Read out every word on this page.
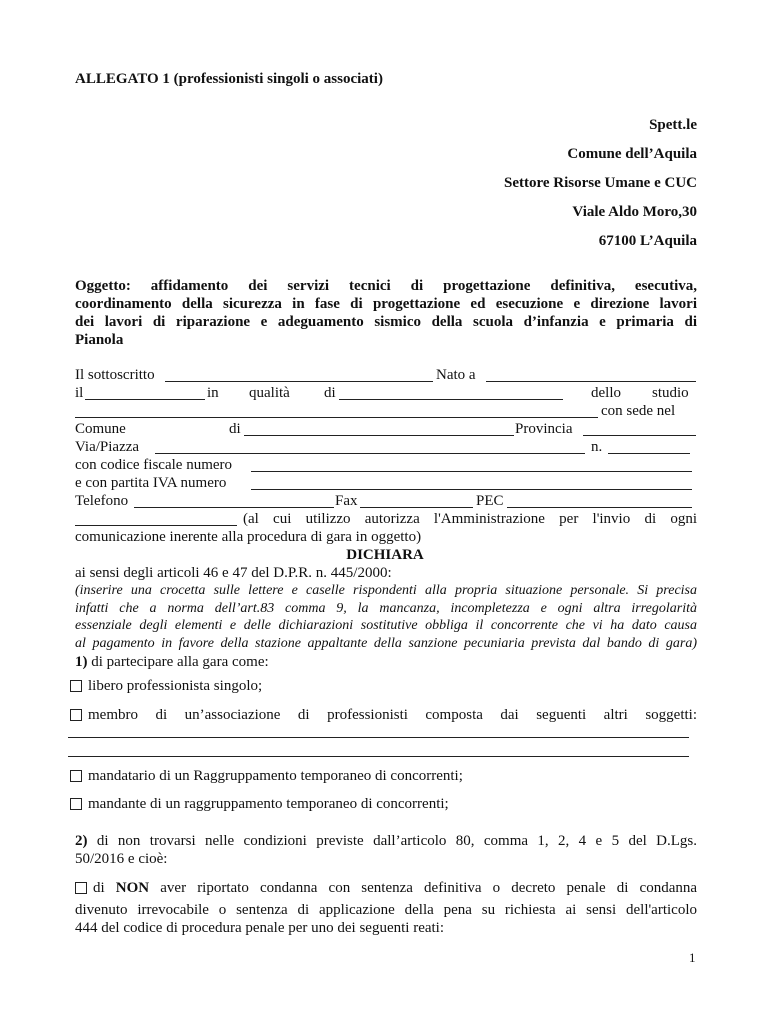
ALLEGATO 1 (professionisti singoli o associati)
Spett.le
Comune dell’Aquila
Settore Risorse Umane e CUC
Viale Aldo Moro,30
67100 L’Aquila
Oggetto: affidamento dei servizi tecnici di progettazione definitiva, esecutiva,
coordinamento della sicurezza in fase di progettazione ed esecuzione e direzione lavori
dei lavori di riparazione e adeguamento sismico della scuola d’infanzia e primaria di
Pianola
Il sottoscritto	Nato a
il	in qualità di	dello studio
con sede nel
Comune	di	Provincia
Via/Piazza	n.
con codice fiscale numero
e con partita IVA numero
Telefono	Fax	PEC
(al cui utilizzo autorizza l'Amministrazione per l'invio di ogni
comunicazione inerente alla procedura di gara in oggetto)
DICHIARA
ai sensi degli articoli 46 e 47 del D.P.R. n. 445/2000:
(inserire una crocetta sulle lettere e caselle rispondenti alla propria situazione personale. Si precisa
infatti che a norma dell’art.83 comma 9, la mancanza, incompletezza e ogni altra irregolarità
essenziale degli elementi e delle dichiarazioni sostitutive obbliga il concorrente che vi ha dato causa
al pagamento in favore della stazione appaltante della sanzione pecuniaria prevista dal bando di gara)
1) di partecipare alla gara come:
libero professionista singolo;
membro di un’associazione di professionisti composta dai seguenti altri soggetti:
mandatario di un Raggruppamento temporaneo di concorrenti;
mandante di un raggruppamento temporaneo di concorrenti;
2) di non trovarsi nelle condizioni previste dall’articolo 80, comma 1, 2, 4 e 5 del D.Lgs.
50/2016 e cioè:
di NON aver riportato condanna con sentenza definitiva o decreto penale di condanna
divenuto irrevocabile o sentenza di applicazione della pena su richiesta ai sensi dell'articolo
444 del codice di procedura penale per uno dei seguenti reati:
1
